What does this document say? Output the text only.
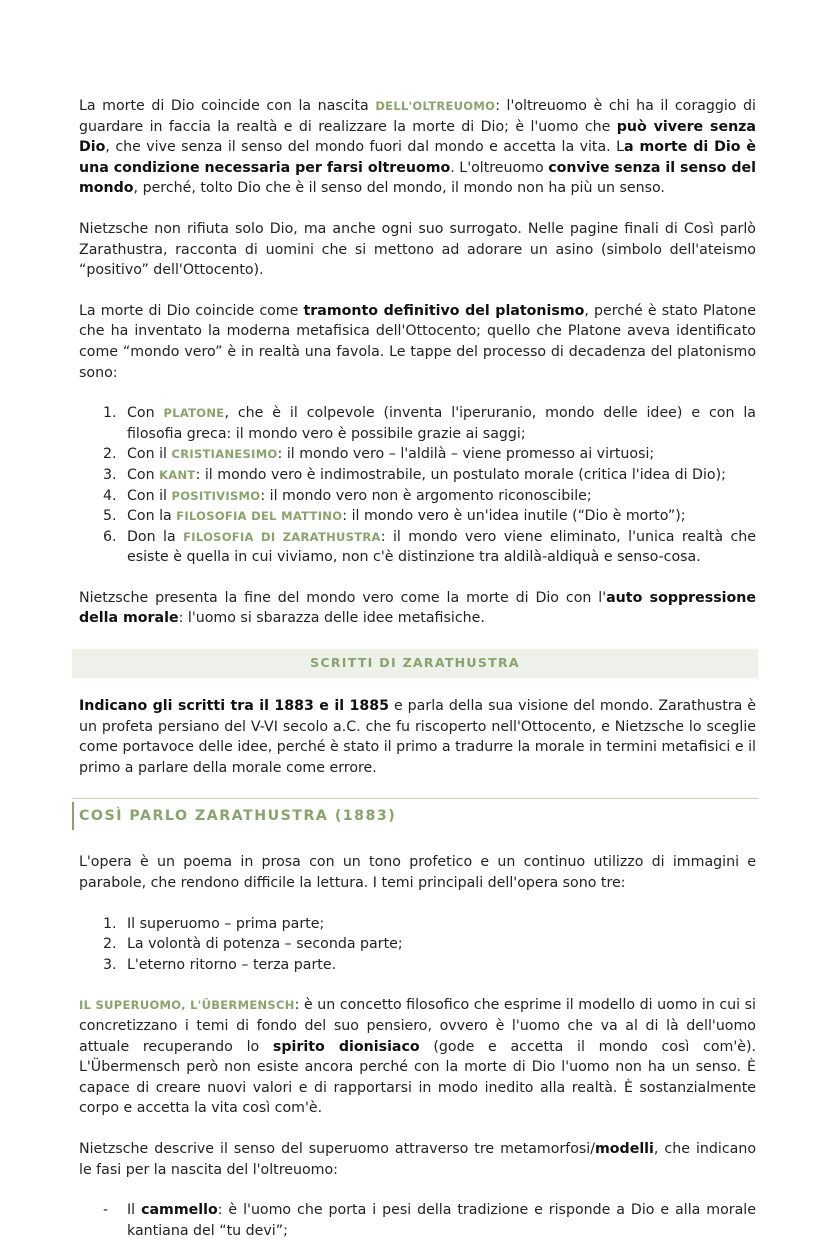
La morte di Dio coincide con la nascita DELL'OLTREUOMO: l'oltreuomo è chi ha il coraggio di guardare in faccia la realtà e di realizzare la morte di Dio; è l'uomo che può vivere senza Dio, che vive senza il senso del mondo fuori dal mondo e accetta la vita. La morte di Dio è una condizione necessaria per farsi oltreuomo. L'oltreuomo convive senza il senso del mondo, perché, tolto Dio che è il senso del mondo, il mondo non ha più un senso.

Nietzsche non rifiuta solo Dio, ma anche ogni suo surrogato. Nelle pagine finali di Così parlò Zarathustra, racconta di uomini che si mettono ad adorare un asino (simbolo dell'ateismo “positivo” dell'Ottocento).

La morte di Dio coincide come tramonto definitivo del platonismo, perché è stato Platone che ha inventato la moderna metafisica dell'Ottocento; quello che Platone aveva identificato come “mondo vero” è in realtà una favola. Le tappe del processo di decadenza del platonismo sono:

1. Con PLATONE, che è il colpevole (inventa l'iperuranio, mondo delle idee) e con la filosofia greca: il mondo vero è possibile grazie ai saggi;
2. Con il CRISTIANESIMO: il mondo vero – l'aldilà – viene promesso ai virtuosi;
3. Con KANT: il mondo vero è indimostrabile, un postulato morale (critica l'idea di Dio);
4. Con il POSITIVISMO: il mondo vero non è argomento riconoscibile;
5. Con la FILOSOFIA DEL MATTINO: il mondo vero è un'idea inutile (“Dio è morto”);
6. Don la FILOSOFIA DI ZARATHUSTRA: il mondo vero viene eliminato, l'unica realtà che esiste è quella in cui viviamo, non c'è distinzione tra aldilà-aldiquà e senso-cosa.

Nietzsche presenta la fine del mondo vero come la morte di Dio con l'auto soppressione della morale: l'uomo si sbarazza delle idee metafisiche.

SCRITTI DI ZARATHUSTRA

Indicano gli scritti tra il 1883 e il 1885 e parla della sua visione del mondo. Zarathustra è un profeta persiano del V-VI secolo a.C. che fu riscoperto nell'Ottocento, e Nietzsche lo sceglie come portavoce delle idee, perché è stato il primo a tradurre la morale in termini metafisici e il primo a parlare della morale come errore.

COSÌ PARLO ZARATHUSTRA (1883)

L'opera è un poema in prosa con un tono profetico e un continuo utilizzo di immagini e parabole, che rendono difficile la lettura. I temi principali dell'opera sono tre:

1. Il superuomo – prima parte;
2. La volontà di potenza – seconda parte;
3. L'eterno ritorno – terza parte.

IL SUPERUOMO, L'ÜBERMENSCH: è un concetto filosofico che esprime il modello di uomo in cui si concretizzano i temi di fondo del suo pensiero, ovvero è l'uomo che va al di là dell'uomo attuale recuperando lo spirito dionisiaco (gode e accetta il mondo così com'è). L'Übermensch però non esiste ancora perché con la morte di Dio l'uomo non ha un senso. È capace di creare nuovi valori e di rapportarsi in modo inedito alla realtà. È sostanzialmente corpo e accetta la vita così com'è.

Nietzsche descrive il senso del superuomo attraverso tre metamorfosi/modelli, che indicano le fasi per la nascita del l'oltreuomo:

- Il cammello: è l'uomo che porta i pesi della tradizione e risponde a Dio e alla morale kantiana del “tu devi”;
